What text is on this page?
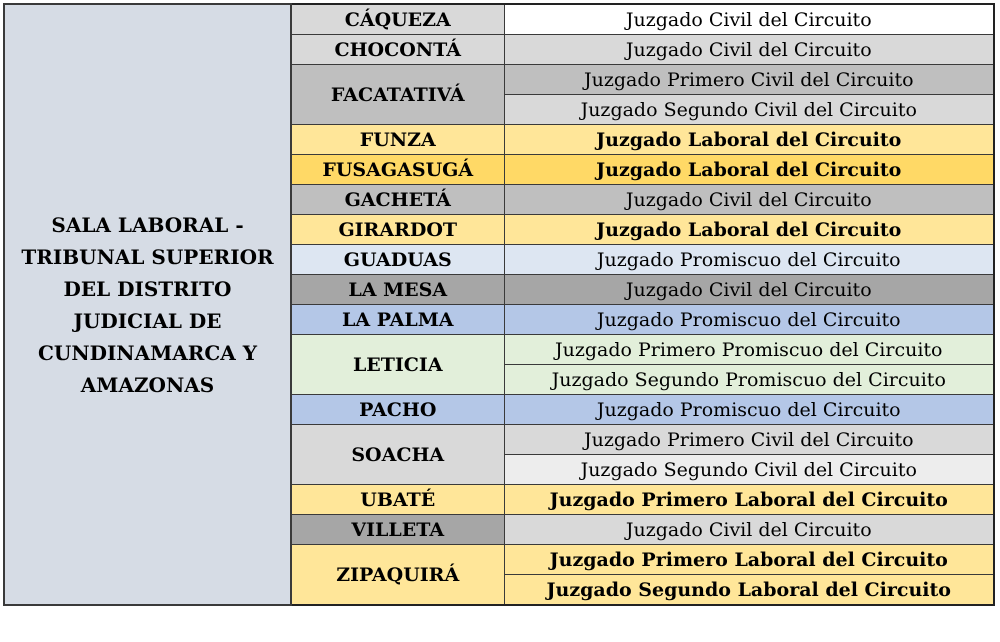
SALA LABORAL - TRIBUNAL SUPERIOR DEL DISTRITO JUDICIAL DE CUNDINAMARCA Y AMAZONAS	CÁQUEZA	Juzgado Civil del Circuito
	CHOCONTÁ	Juzgado Civil del Circuito
	FACATATIVÁ	Juzgado Primero Civil del Circuito
		Juzgado Segundo Civil del Circuito
	FUNZA	Juzgado Laboral del Circuito
	FUSAGASUGÁ	Juzgado Laboral del Circuito
	GACHETÁ	Juzgado Civil del Circuito
	GIRARDOT	Juzgado Laboral del Circuito
	GUADUAS	Juzgado Promiscuo del Circuito
	LA MESA	Juzgado Civil del Circuito
	LA PALMA	Juzgado Promiscuo del Circuito
	LETICIA	Juzgado Primero Promiscuo del Circuito
		Juzgado Segundo Promiscuo del Circuito
	PACHO	Juzgado Promiscuo del Circuito
	SOACHA	Juzgado Primero Civil del Circuito
		Juzgado Segundo Civil del Circuito
	UBATÉ	Juzgado Primero Laboral del Circuito
	VILLETA	Juzgado Civil del Circuito
	ZIPAQUIRÁ	Juzgado Primero Laboral del Circuito
		Juzgado Segundo Laboral del Circuito
